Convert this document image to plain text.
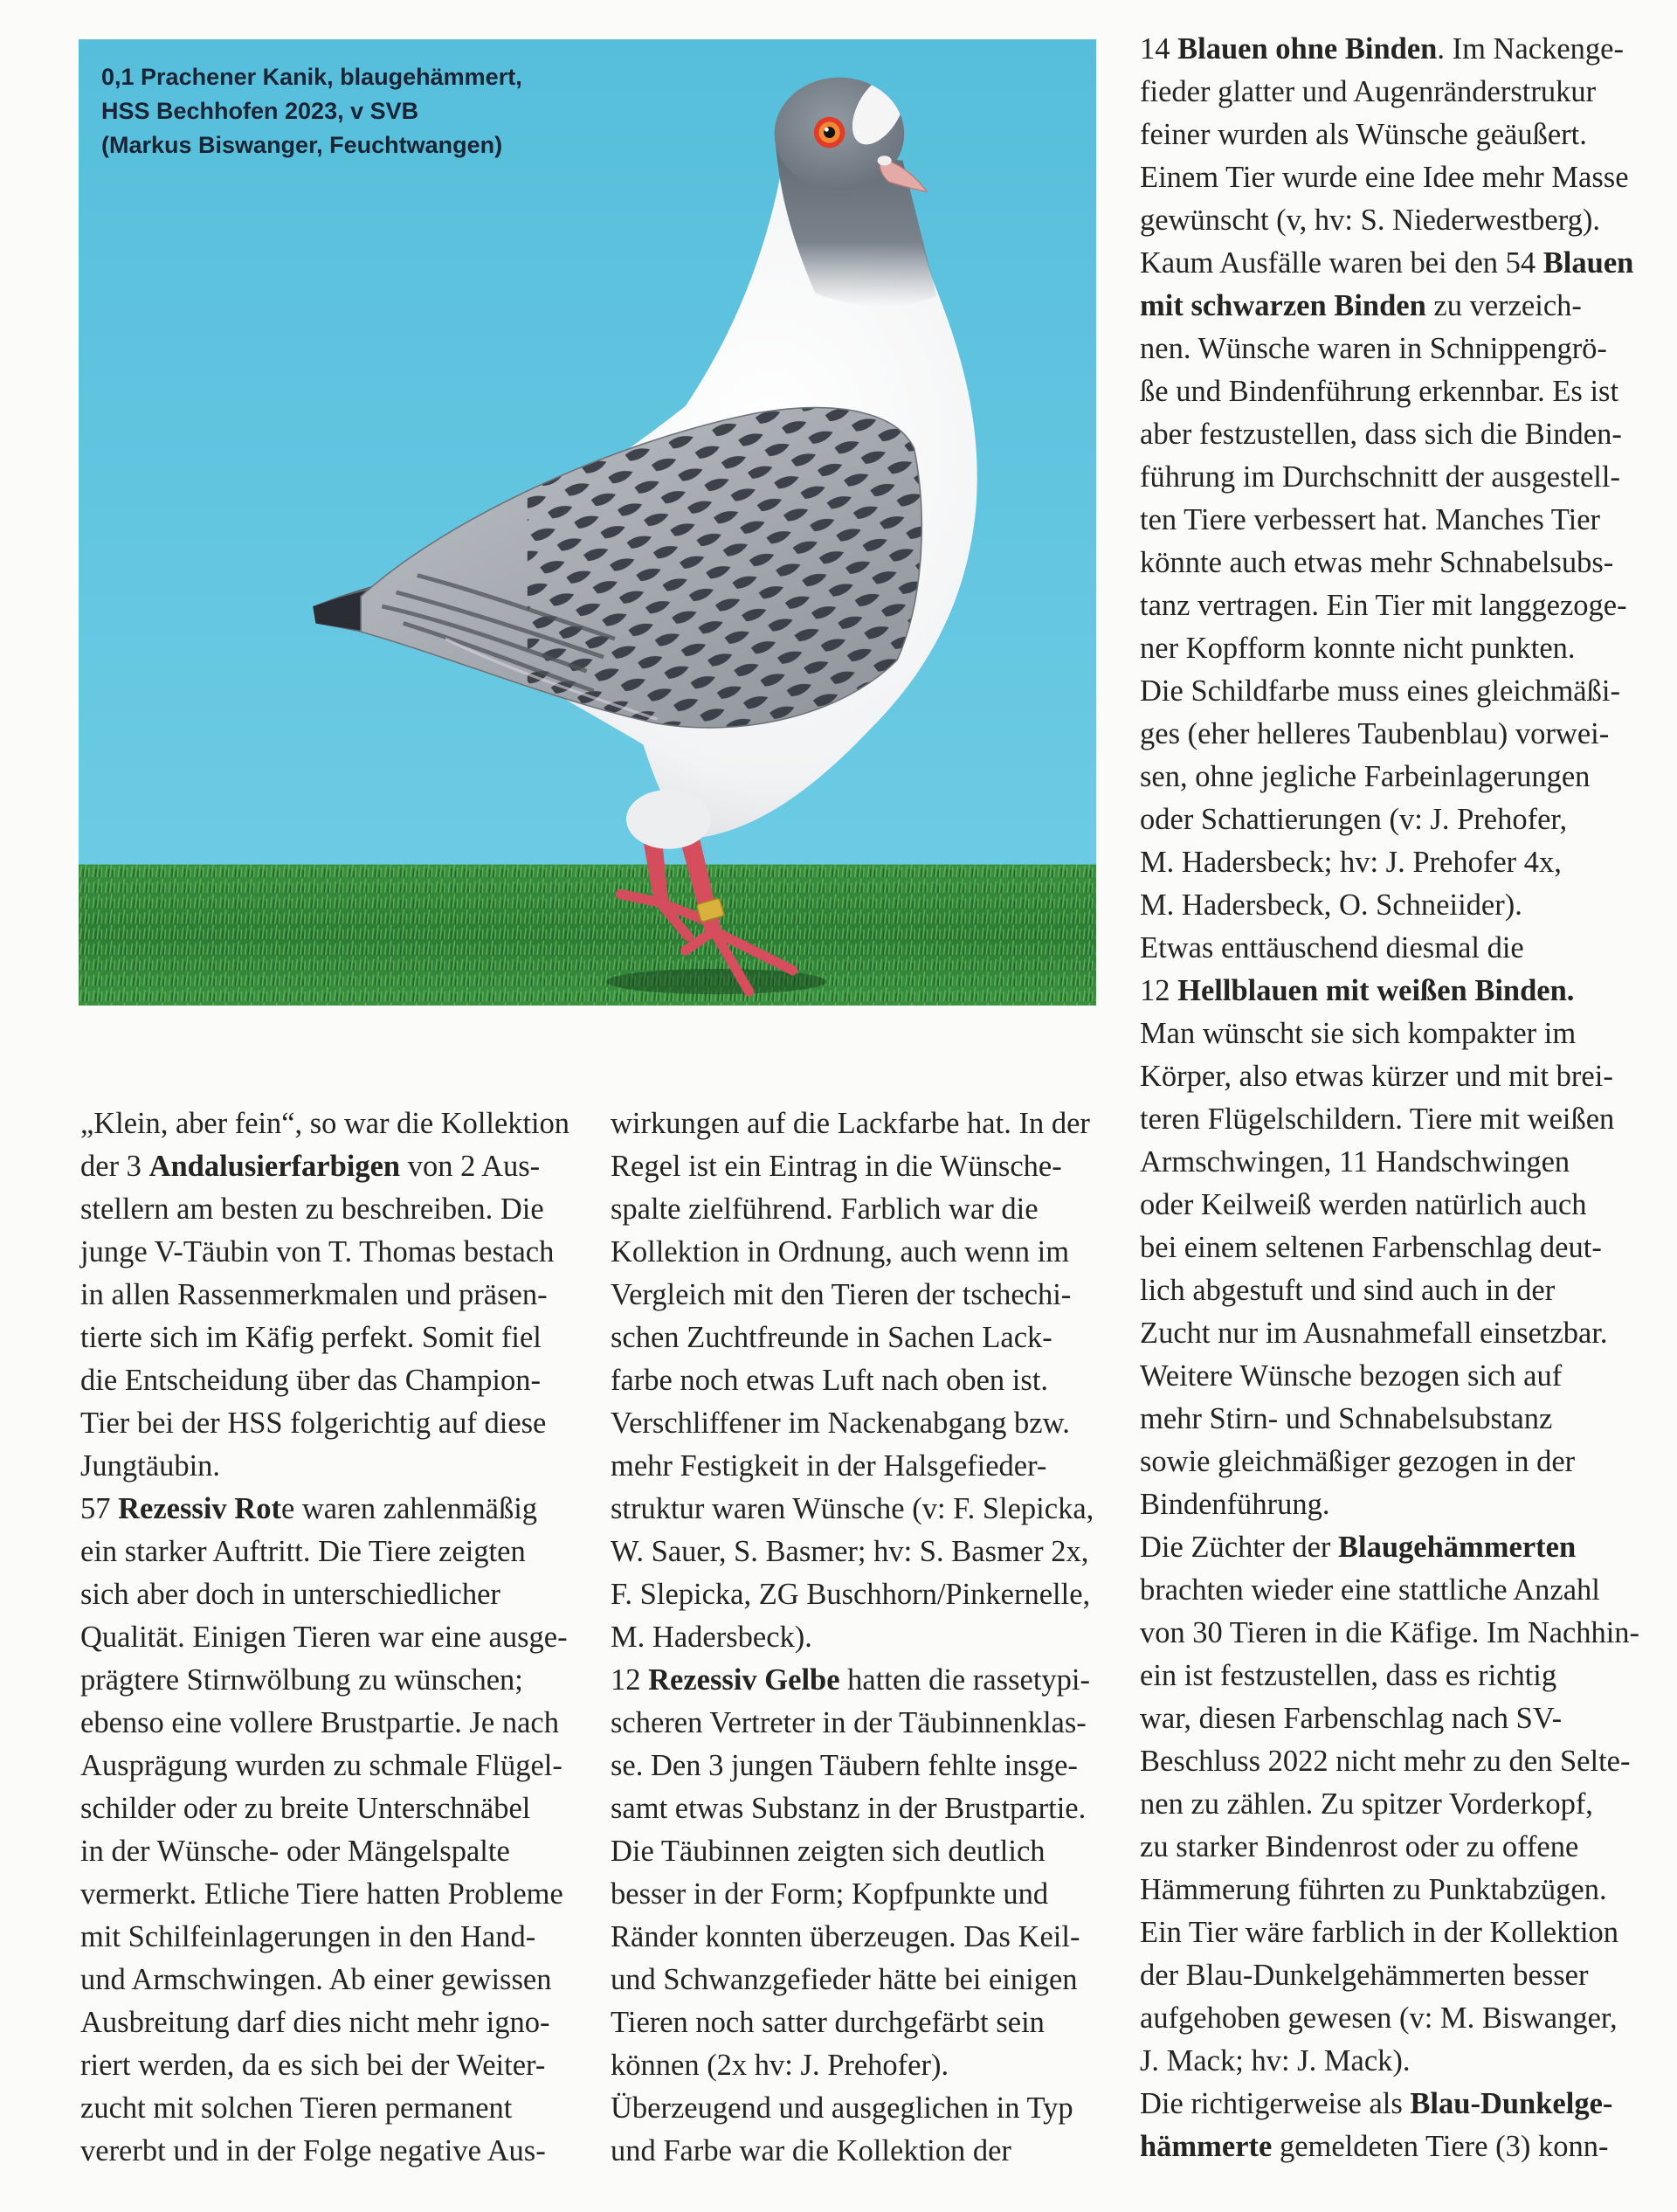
0,1 Prachener Kanik, blaugehämmert,
HSS Bechhofen 2023, v SVB
(Markus Biswanger, Feuchtwangen)
„Klein, aber fein“, so war die Kollektion
der 3 Andalusierfarbigen von 2 Aus-
stellern am besten zu beschreiben. Die
junge V-Täubin von T. Thomas bestach
in allen Rassenmerkmalen und präsen-
tierte sich im Käfig perfekt. Somit fiel
die Entscheidung über das Champion-
Tier bei der HSS folgerichtig auf diese
Jungtäubin.
57 Rezessiv Rote waren zahlenmäßig
ein starker Auftritt. Die Tiere zeigten
sich aber doch in unterschiedlicher
Qualität. Einigen Tieren war eine ausge-
prägtere Stirnwölbung zu wünschen;
ebenso eine vollere Brustpartie. Je nach
Ausprägung wurden zu schmale Flügel-
schilder oder zu breite Unterschnäbel
in der Wünsche- oder Mängelspalte
vermerkt. Etliche Tiere hatten Probleme
mit Schilfeinlagerungen in den Hand-
und Armschwingen. Ab einer gewissen
Ausbreitung darf dies nicht mehr igno-
riert werden, da es sich bei der Weiter-
zucht mit solchen Tieren permanent
vererbt und in der Folge negative Aus-
wirkungen auf die Lackfarbe hat. In der
Regel ist ein Eintrag in die Wünsche-
spalte zielführend. Farblich war die
Kollektion in Ordnung, auch wenn im
Vergleich mit den Tieren der tschechi-
schen Zuchtfreunde in Sachen Lack-
farbe noch etwas Luft nach oben ist.
Verschliffener im Nackenabgang bzw.
mehr Festigkeit in der Halsgefieder-
struktur waren Wünsche (v: F. Slepicka,
W. Sauer, S. Basmer; hv: S. Basmer 2x,
F. Slepicka, ZG Buschhorn/Pinkernelle,
M. Hadersbeck).
12 Rezessiv Gelbe hatten die rassetypi-
scheren Vertreter in der Täubinnenklas-
se. Den 3 jungen Täubern fehlte insge-
samt etwas Substanz in der Brustpartie.
Die Täubinnen zeigten sich deutlich
besser in der Form; Kopfpunkte und
Ränder konnten überzeugen. Das Keil-
und Schwanzgefieder hätte bei einigen
Tieren noch satter durchgefärbt sein
können (2x hv: J. Prehofer).
Überzeugend und ausgeglichen in Typ
und Farbe war die Kollektion der
14 Blauen ohne Binden. Im Nackenge-
fieder glatter und Augenränderstrukur
feiner wurden als Wünsche geäußert.
Einem Tier wurde eine Idee mehr Masse
gewünscht (v, hv: S. Niederwestberg).
Kaum Ausfälle waren bei den 54 Blauen
mit schwarzen Binden zu verzeich-
nen. Wünsche waren in Schnippengrö-
ße und Bindenführung erkennbar. Es ist
aber festzustellen, dass sich die Binden-
führung im Durchschnitt der ausgestell-
ten Tiere verbessert hat. Manches Tier
könnte auch etwas mehr Schnabelsubs-
tanz vertragen. Ein Tier mit langgezoge-
ner Kopfform konnte nicht punkten.
Die Schildfarbe muss eines gleichmäßi-
ges (eher helleres Taubenblau) vorwei-
sen, ohne jegliche Farbeinlagerungen
oder Schattierungen (v: J. Prehofer,
M. Hadersbeck; hv: J. Prehofer 4x,
M. Hadersbeck, O. Schneiider).
Etwas enttäuschend diesmal die
12 Hellblauen mit weißen Binden.
Man wünscht sie sich kompakter im
Körper, also etwas kürzer und mit brei-
teren Flügelschildern. Tiere mit weißen
Armschwingen, 11 Handschwingen
oder Keilweiß werden natürlich auch
bei einem seltenen Farbenschlag deut-
lich abgestuft und sind auch in der
Zucht nur im Ausnahmefall einsetzbar.
Weitere Wünsche bezogen sich auf
mehr Stirn- und Schnabelsubstanz
sowie gleichmäßiger gezogen in der
Bindenführung.
Die Züchter der Blaugehämmerten
brachten wieder eine stattliche Anzahl
von 30 Tieren in die Käfige. Im Nachhin-
ein ist festzustellen, dass es richtig
war, diesen Farbenschlag nach SV-
Beschluss 2022 nicht mehr zu den Selte-
nen zu zählen. Zu spitzer Vorderkopf,
zu starker Bindenrost oder zu offene
Hämmerung führten zu Punktabzügen.
Ein Tier wäre farblich in der Kollektion
der Blau-Dunkelgehämmerten besser
aufgehoben gewesen (v: M. Biswanger,
J. Mack; hv: J. Mack).
Die richtigerweise als Blau-Dunkelge-
hämmerte gemeldeten Tiere (3) konn-
